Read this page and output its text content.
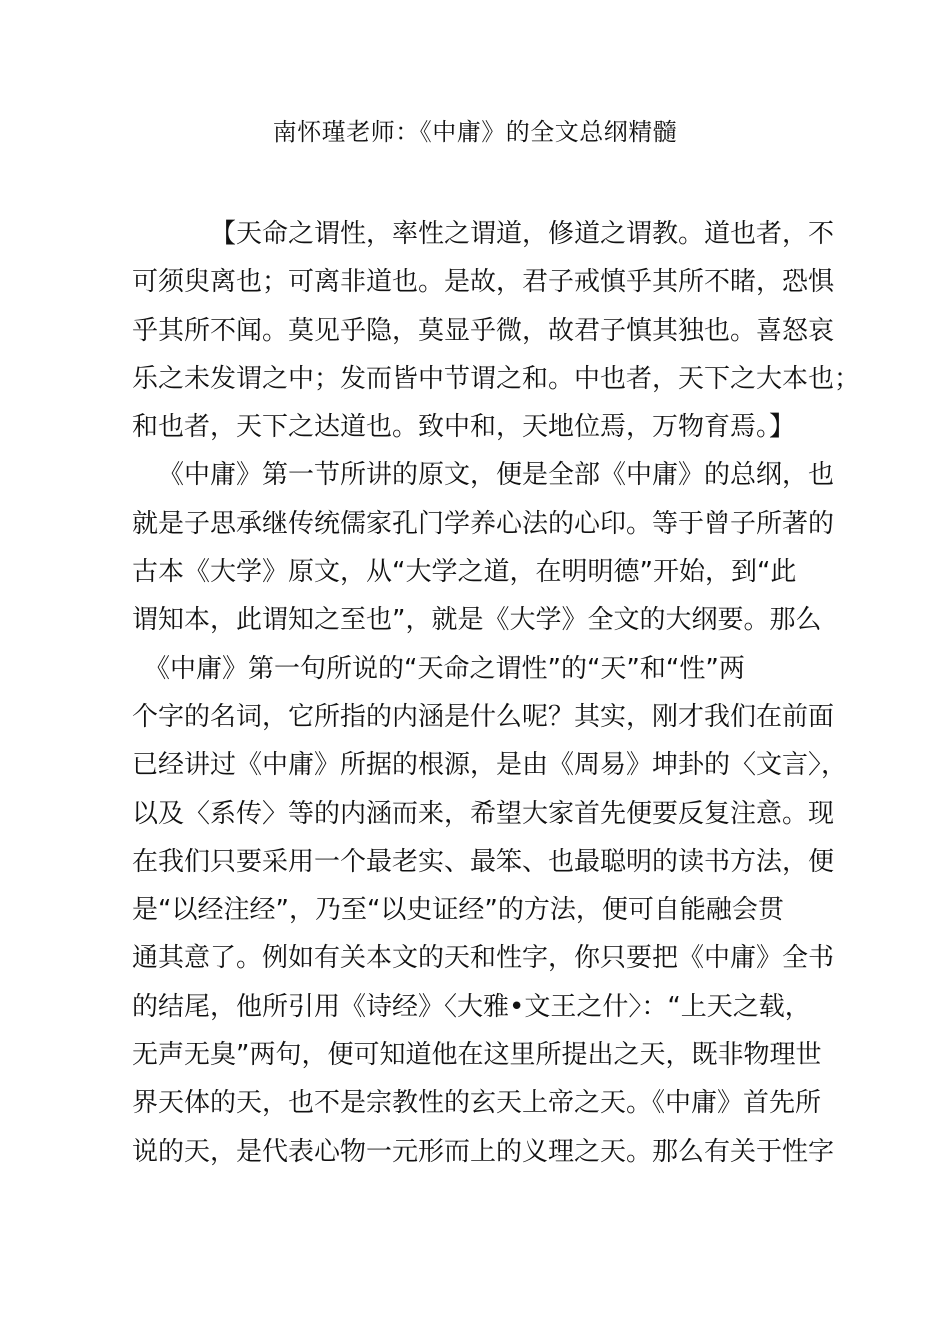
南怀瑾老师：《中庸》的全文总纲精髓
【天命之谓性，率性之谓道，修道之谓教。道也者，不
可须臾离也；可离非道也。是故，君子戒慎乎其所不睹，恐惧
乎其所不闻。莫见乎隐，莫显乎微，故君子慎其独也。喜怒哀
乐之未发谓之中；发而皆中节谓之和。中也者，天下之大本也；
和也者，天下之达道也。致中和，天地位焉，万物育焉。】
《中庸》第一节所讲的原文，便是全部《中庸》的总纲，也
就是子思承继传统儒家孔门学养心法的心印。等于曾子所著的
古本《大学》原文，从“大学之道，在明明德”开始，到“此
谓知本，此谓知之至也”，就是《大学》全文的大纲要。那么
《中庸》第一句所说的“天命之谓性”的“天”和“性”两
个字的名词，它所指的内涵是什么呢？其实，刚才我们在前面
已经讲过《中庸》所据的根源，是由《周易》坤卦的〈文言〉，
以及〈系传〉等的内涵而来，希望大家首先便要反复注意。现
在我们只要采用一个最老实、最笨、也最聪明的读书方法，便
是“以经注经”，乃至“以史证经”的方法，便可自能融会贯
通其意了。例如有关本文的天和性字，你只要把《中庸》全书
的结尾，他所引用《诗经》〈大雅•文王之什〉：“上天之载，
无声无臭”两句，便可知道他在这里所提出之天，既非物理世
界天体的天，也不是宗教性的玄天上帝之天。《中庸》首先所
说的天，是代表心物一元形而上的义理之天。那么有关于性字
